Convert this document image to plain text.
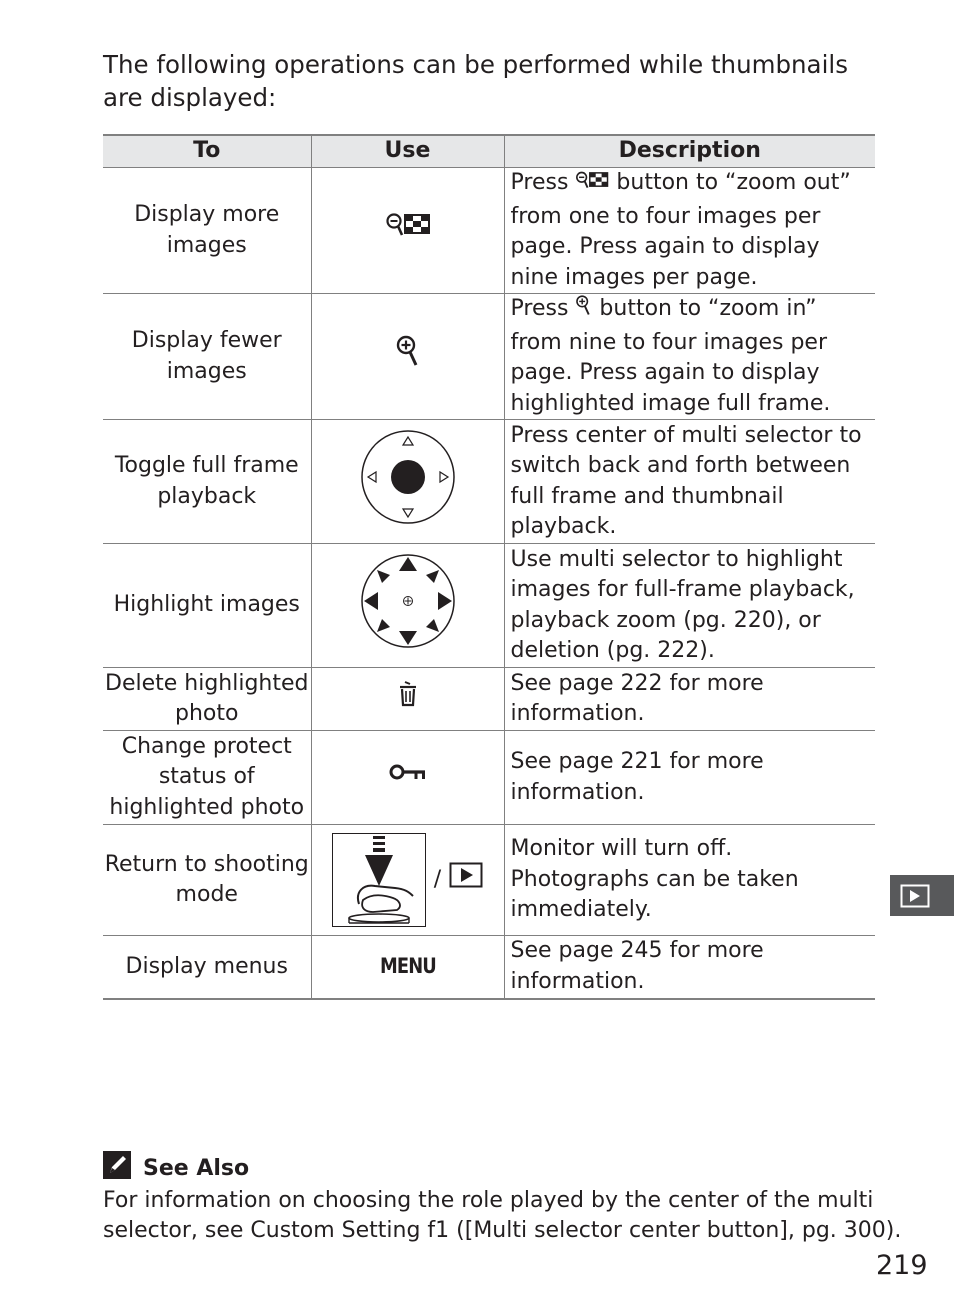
The following operations can be performed while thumbnails are displayed:

To	Use	Description
Display more images		Press button to “zoom out” from one to four images per page. Press again to display nine images per page.
Display fewer images		Press button to “zoom in” from nine to four images per page. Press again to display highlighted image full frame.
Toggle full frame playback		Press center of multi selector to switch back and forth between full frame and thumbnail playback.
Highlight images		Use multi selector to highlight images for full-frame playback, playback zoom (pg. 220), or deletion (pg. 222).
Delete highlighted photo		See page 222 for more information.
Change protect status of highlighted photo		See page 221 for more information.
Return to shooting mode	/	Monitor will turn off. Photographs can be taken immediately.
Display menus	MENU	See page 245 for more information.
See Also

For information on choosing the role played by the center of the multi selector, see Custom Setting f1 ([Multi selector center button], pg. 300).

219
